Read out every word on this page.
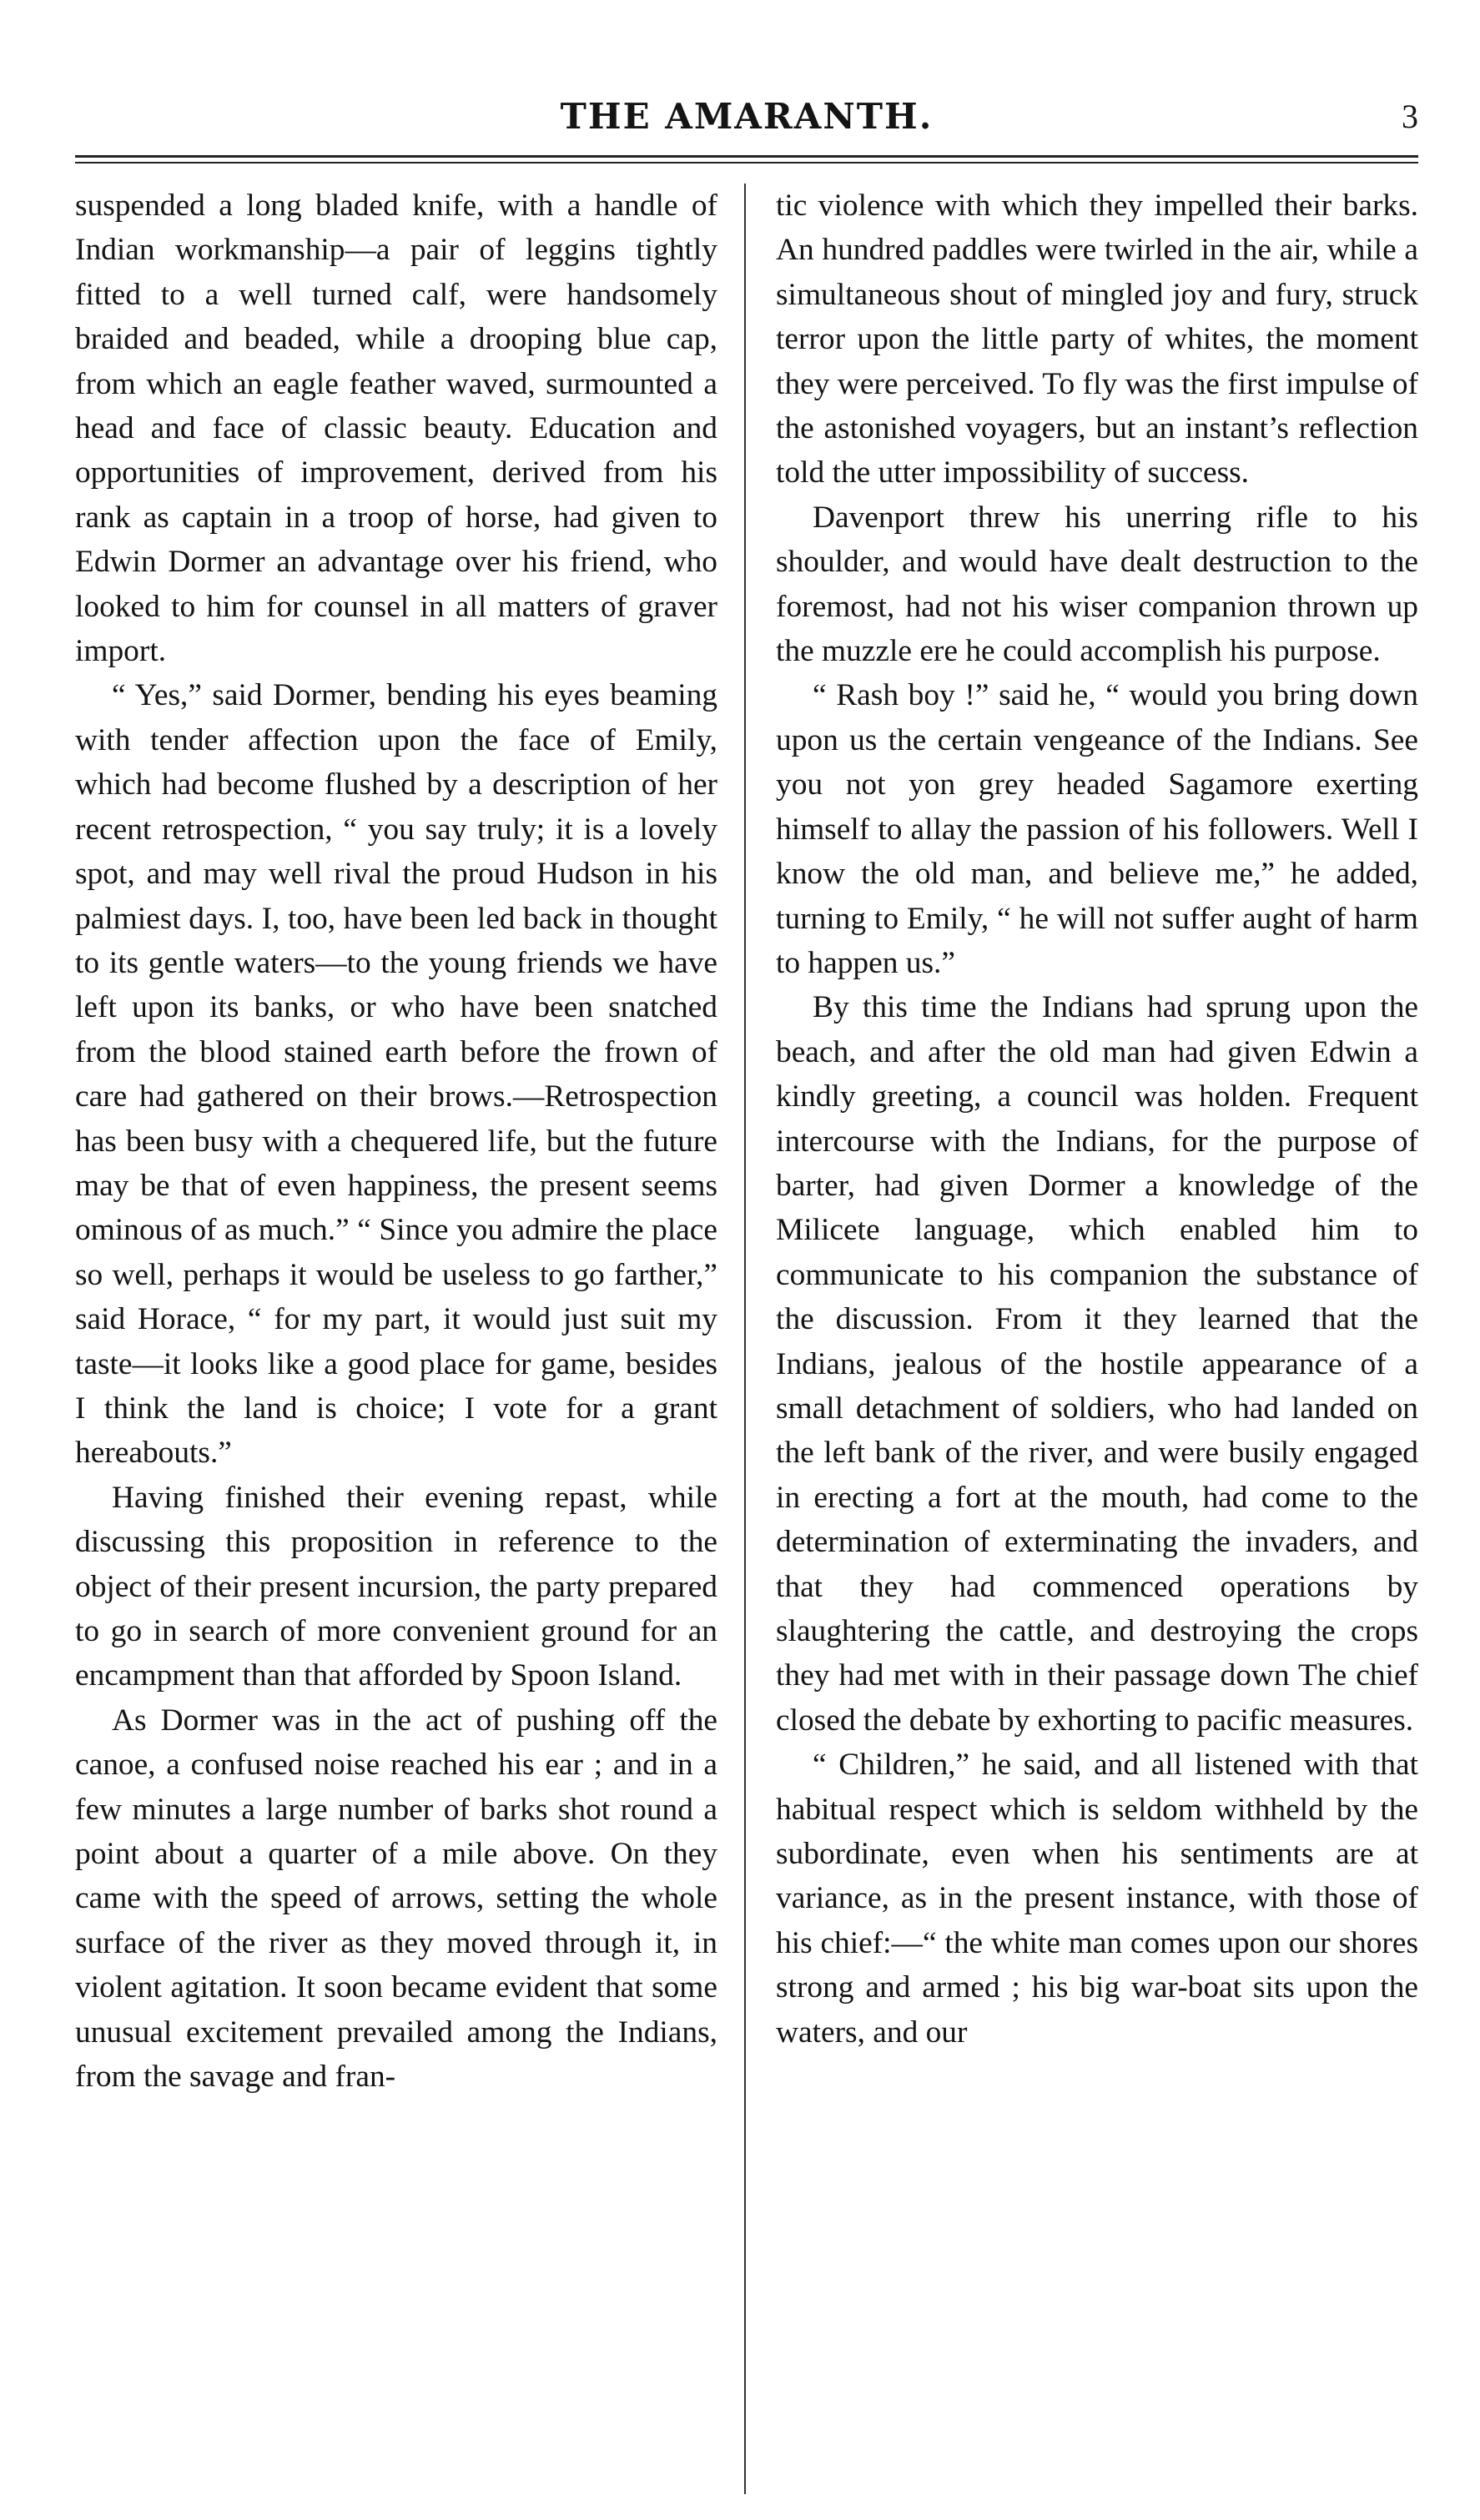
THE AMARANTH.	3

suspended a long bladed knife, with a handle of Indian workmanship—a pair of leggins tightly fitted to a well turned calf, were handsomely braided and beaded, while a drooping blue cap, from which an eagle feather waved, surmounted a head and face of classic beauty. Education and opportunities of improvement, derived from his rank as captain in a troop of horse, had given to Edwin Dormer an advantage over his friend, who looked to him for counsel in all matters of graver import.

“ Yes,” said Dormer, bending his eyes beaming with tender affection upon the face of Emily, which had become flushed by a description of her recent retrospection, “ you say truly; it is a lovely spot, and may well rival the proud Hudson in his palmiest days. I, too, have been led back in thought to its gentle waters—to the young friends we have left upon its banks, or who have been snatched from the blood stained earth before the frown of care had gathered on their brows.—Retrospection has been busy with a chequered life, but the future may be that of even happiness, the present seems ominous of as much.” “ Since you admire the place so well, perhaps it would be useless to go farther,” said Horace, “ for my part, it would just suit my taste—it looks like a good place for game, besides I think the land is choice; I vote for a grant hereabouts.”

Having finished their evening repast, while discussing this proposition in reference to the object of their present incursion, the party prepared to go in search of more convenient ground for an encampment than that afforded by Spoon Island.

As Dormer was in the act of pushing off the canoe, a confused noise reached his ear ; and in a few minutes a large number of barks shot round a point about a quarter of a mile above. On they came with the speed of arrows, setting the whole surface of the river as they moved through it, in violent agitation. It soon became evident that some unusual excitement prevailed among the Indians, from the savage and fran-

tic violence with which they impelled their barks. An hundred paddles were twirled in the air, while a simultaneous shout of mingled joy and fury, struck terror upon the little party of whites, the moment they were perceived. To fly was the first impulse of the astonished voyagers, but an instant’s reflection told the utter impossibility of success.

Davenport threw his unerring rifle to his shoulder, and would have dealt destruction to the foremost, had not his wiser companion thrown up the muzzle ere he could accomplish his purpose.

“ Rash boy !” said he, “ would you bring down upon us the certain vengeance of the Indians. See you not yon grey headed Sagamore exerting himself to allay the passion of his followers. Well I know the old man, and believe me,” he added, turning to Emily, “ he will not suffer aught of harm to happen us.”

By this time the Indians had sprung upon the beach, and after the old man had given Edwin a kindly greeting, a council was holden. Frequent intercourse with the Indians, for the purpose of barter, had given Dormer a knowledge of the Milicete language, which enabled him to communicate to his companion the substance of the discussion. From it they learned that the Indians, jealous of the hostile appearance of a small detachment of soldiers, who had landed on the left bank of the river, and were busily engaged in erecting a fort at the mouth, had come to the determination of exterminating the invaders, and that they had commenced operations by slaughtering the cattle, and destroying the crops they had met with in their passage down The chief closed the debate by exhorting to pacific measures.

“ Children,” he said, and all listened with that habitual respect which is seldom withheld by the subordinate, even when his sentiments are at variance, as in the present instance, with those of his chief:—“ the white man comes upon our shores strong and armed ; his big war-boat sits upon the waters, and our
